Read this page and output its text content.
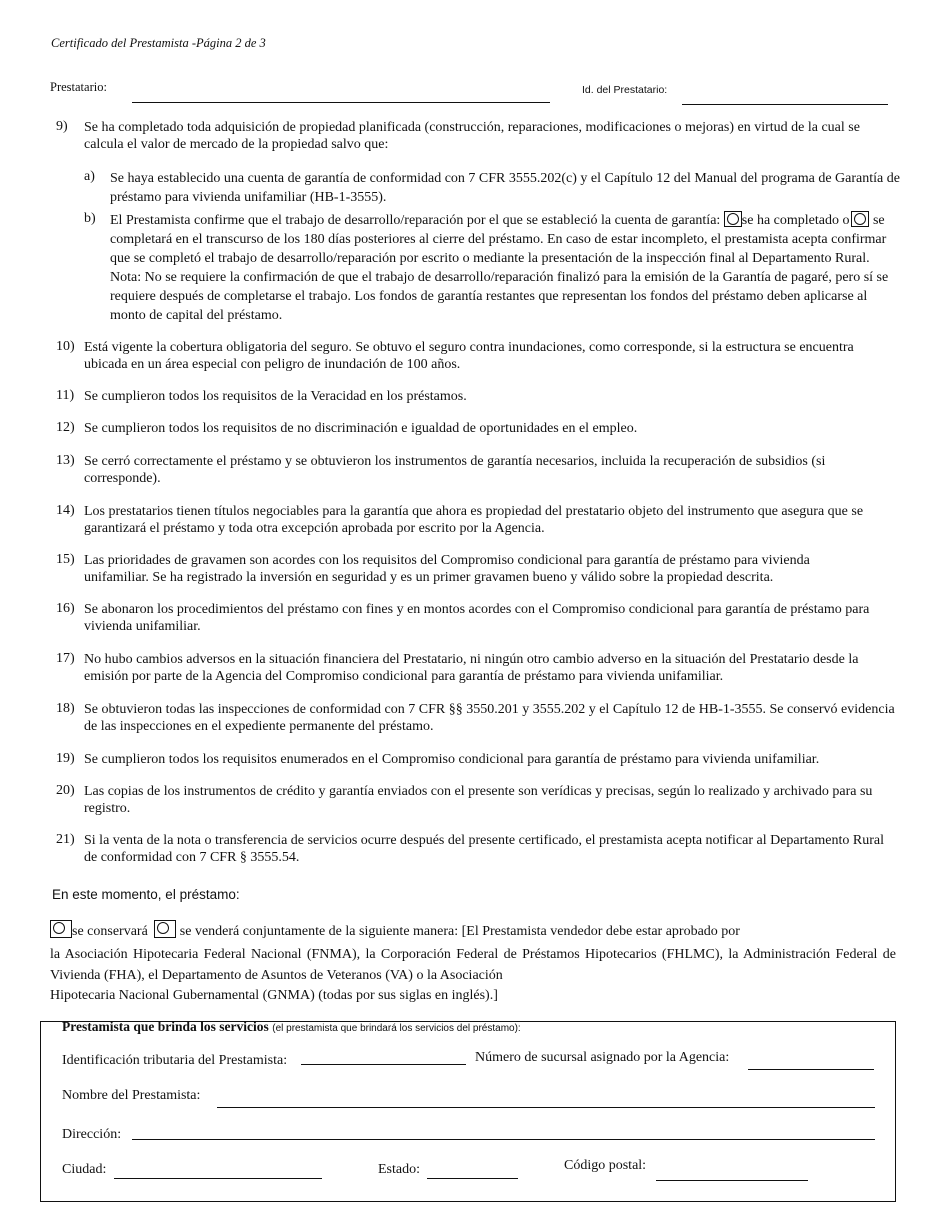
Certificado del Prestamista -Página 2 de 3
Prestatario:	Id. del Prestatario:
9)	Se ha completado toda adquisición de propiedad planificada (construcción, reparaciones, modificaciones o mejoras) en virtud de la cual se calcula el valor de mercado de la propiedad salvo que:
a) Se haya establecido una cuenta de garantía de conformidad con 7 CFR 3555.202(c) y el Capítulo 12 del Manual del programa de Garantía de préstamo para vivienda unifamiliar (HB-1-3555).
b) El Prestamista confirme que el trabajo de desarrollo/reparación por el que se estableció la cuenta de garantía: se ha completado o se completará en el transcurso de los 180 días posteriores al cierre del préstamo. En caso de estar incompleto, el prestamista acepta confirmar que se completó el trabajo de desarrollo/reparación por escrito o mediante la presentación de la inspección final al Departamento Rural. Nota: No se requiere la confirmación de que el trabajo de desarrollo/reparación finalizó para la emisión de la Garantía de pagaré, pero sí se requiere después de completarse el trabajo. Los fondos de garantía restantes que representan los fondos del préstamo deben aplicarse al monto de capital del préstamo.
10) Está vigente la cobertura obligatoria del seguro. Se obtuvo el seguro contra inundaciones, como corresponde, si la estructura se encuentra ubicada en un área especial con peligro de inundación de 100 años.
11) Se cumplieron todos los requisitos de la Veracidad en los préstamos.
12) Se cumplieron todos los requisitos de no discriminación e igualdad de oportunidades en el empleo.
13) Se cerró correctamente el préstamo y se obtuvieron los instrumentos de garantía necesarios, incluida la recuperación de subsidios (si corresponde).
14) Los prestatarios tienen títulos negociables para la garantía que ahora es propiedad del prestatario objeto del instrumento que asegura que se garantizará el préstamo y toda otra excepción aprobada por escrito por la Agencia.
15) Las prioridades de gravamen son acordes con los requisitos del Compromiso condicional para garantía de préstamo para vivienda unifamiliar. Se ha registrado la inversión en seguridad y es un primer gravamen bueno y válido sobre la propiedad descrita.
16) Se abonaron los procedimientos del préstamo con fines y en montos acordes con el Compromiso condicional para garantía de préstamo para vivienda unifamiliar.
17) No hubo cambios adversos en la situación financiera del Prestatario, ni ningún otro cambio adverso en la situación del Prestatario desde la emisión por parte de la Agencia del Compromiso condicional para garantía de préstamo para vivienda unifamiliar.
18) Se obtuvieron todas las inspecciones de conformidad con 7 CFR §§ 3550.201 y 3555.202 y el Capítulo 12 de HB-1-3555. Se conservó evidencia de las inspecciones en el expediente permanente del préstamo.
19) Se cumplieron todos los requisitos enumerados en el Compromiso condicional para garantía de préstamo para vivienda unifamiliar.
20) Las copias de los instrumentos de crédito y garantía enviados con el presente son verídicas y precisas, según lo realizado y archivado para su registro.
21) Si la venta de la nota o transferencia de servicios ocurre después del presente certificado, el prestamista acepta notificar al Departamento Rural de conformidad con 7 CFR § 3555.54.
En este momento, el préstamo:
se conservará se venderá conjuntamente de la siguiente manera: [El Prestamista vendedor debe estar aprobado por
la Asociación Hipotecaria Federal Nacional (FNMA), la Corporación Federal de Préstamos Hipotecarios (FHLMC), la Administración Federal de Vivienda (FHA), el Departamento de Asuntos de Veteranos (VA) o la Asociación
Hipotecaria Nacional Gubernamental (GNMA) (todas por sus siglas en inglés).]
Prestamista que brinda los servicios (el prestamista que brindará los servicios del préstamo):
Identificación tributaria del Prestamista:	Número de sucursal asignado por la Agencia:
Nombre del Prestamista:
Dirección:
Ciudad:	Estado:	Código postal:
